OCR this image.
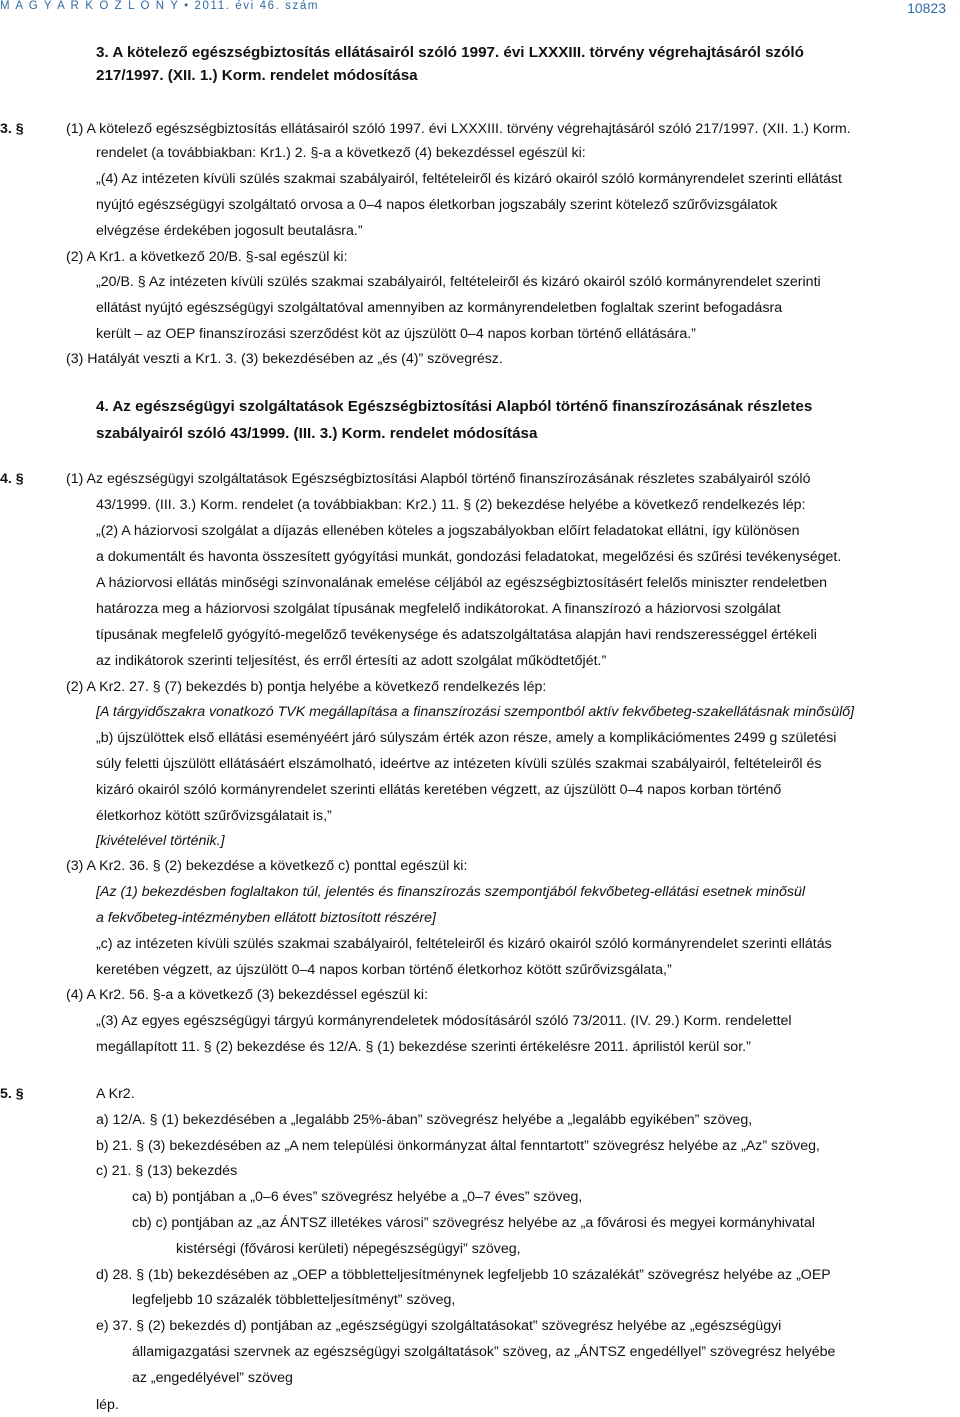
M A G Y A R K Ö Z L Ö N Y • 2011. évi 46. szám	10823
3. A kötelező egészségbiztosítás ellátásairól szóló 1997. évi LXXXIII. törvény végrehajtásáról szóló
217/1997. (XII. 1.) Korm. rendelet módosítása
(1) A kötelező egészségbiztosítás ellátásairól szóló 1997. évi LXXXIII. törvény végrehajtásáról szóló 217/1997. (XII. 1.) Korm.
rendelet (a továbbiakban: Kr1.) 2. §-a a következő (4) bekezdéssel egészül ki:
„(4) Az intézeten kívüli szülés szakmai szabályairól, feltételeiről és kizáró okairól szóló kormányrendelet szerinti ellátást
nyújtó egészségügyi szolgáltató orvosa a 0–4 napos életkorban jogszabály szerint kötelező szűrővizsgálatok
elvégzése érdekében jogosult beutalásra.”
(2) A Kr1. a következő 20/B. §-sal egészül ki:
„20/B. § Az intézeten kívüli szülés szakmai szabályairól, feltételeiről és kizáró okairól szóló kormányrendelet szerinti
ellátást nyújtó egészségügyi szolgáltatóval amennyiben az kormányrendeletben foglaltak szerint befogadásra
került – az OEP finanszírozási szerződést köt az újszülött 0–4 napos korban történő ellátására.”
(3) Hatályát veszti a Kr1. 3. (3) bekezdésében az „és (4)” szövegrész.
4. Az egészségügyi szolgáltatások Egészségbiztosítási Alapból történő finanszírozásának részletes
szabályairól szóló 43/1999. (III. 3.) Korm. rendelet módosítása
(1) Az egészségügyi szolgáltatások Egészségbiztosítási Alapból történő finanszírozásának részletes szabályairól szóló
43/1999. (III. 3.) Korm. rendelet (a továbbiakban: Kr2.) 11. § (2) bekezdése helyébe a következő rendelkezés lép:
„(2) A háziorvosi szolgálat a díjazás ellenében köteles a jogszabályokban előírt feladatokat ellátni, így különösen
a dokumentált és havonta összesített gyógyítási munkát, gondozási feladatokat, megelőzési és szűrési tevékenységet.
A háziorvosi ellátás minőségi színvonalának emelése céljából az egészségbiztosításért felelős miniszter rendeletben
határozza meg a háziorvosi szolgálat típusának megfelelő indikátorokat. A finanszírozó a háziorvosi szolgálat
típusának megfelelő gyógyító-megelőző tevékenysége és adatszolgáltatása alapján havi rendszerességgel értékeli
az indikátorok szerinti teljesítést, és erről értesíti az adott szolgálat működtetőjét.”
(2) A Kr2. 27. § (7) bekezdés b) pontja helyébe a következő rendelkezés lép:
[A tárgyidőszakra vonatkozó TVK megállapítása a finanszírozási szempontból aktív fekvőbeteg-szakellátásnak minősülő]
„b) újszülöttek első ellátási eseményéért járó súlyszám érték azon része, amely a komplikációmentes 2499 g születési
súly feletti újszülött ellátásáért elszámolható, ideértve az intézeten kívüli szülés szakmai szabályairól, feltételeiről és
kizáró okairól szóló kormányrendelet szerinti ellátás keretében végzett, az újszülött 0–4 napos korban történő
életkorhoz kötött szűrővizsgálatait is,”
[kivételével történik.]
(3) A Kr2. 36. § (2) bekezdése a következő c) ponttal egészül ki:
[Az (1) bekezdésben foglaltakon túl, jelentés és finanszírozás szempontjából fekvőbeteg-ellátási esetnek minősül
a fekvőbeteg-intézményben ellátott biztosított részére]
„c) az intézeten kívüli szülés szakmai szabályairól, feltételeiről és kizáró okairól szóló kormányrendelet szerinti ellátás
keretében végzett, az újszülött 0–4 napos korban történő életkorhoz kötött szűrővizsgálata,”
(4) A Kr2. 56. §-a a következő (3) bekezdéssel egészül ki:
„(3) Az egyes egészségügyi tárgyú kormányrendeletek módosításáról szóló 73/2011. (IV. 29.) Korm. rendelettel
megállapított 11. § (2) bekezdése és 12/A. § (1) bekezdése szerinti értékelésre 2011. áprilistól kerül sor.”
A Kr2.
a) 12/A. § (1) bekezdésében a „legalább 25%-ában” szövegrész helyébe a „legalább egyikében” szöveg,
b) 21. § (3) bekezdésében az „A nem települési önkormányzat által fenntartott” szövegrész helyébe az „Az” szöveg,
c) 21. § (13) bekezdés
ca) b) pontjában a „0–6 éves” szövegrész helyébe a „0–7 éves” szöveg,
cb) c) pontjában az „az ÁNTSZ illetékes városi” szövegrész helyébe az „a fővárosi és megyei kormányhivatal
kistérségi (fővárosi kerületi) népegészségügyi” szöveg,
d) 28. § (1b) bekezdésében az „OEP a többletteljesítménynek legfeljebb 10 százalékát” szövegrész helyébe az „OEP
legfeljebb 10 százalék többletteljesítményt” szöveg,
e) 37. § (2) bekezdés d) pontjában az „egészségügyi szolgáltatásokat” szövegrész helyébe az „egészségügyi
államigazgatási szervnek az egészségügyi szolgáltatások” szöveg, az „ÁNTSZ engedéllyel” szövegrész helyébe
az „engedélyével” szöveg
lép.
3. §
4. §
5. §
